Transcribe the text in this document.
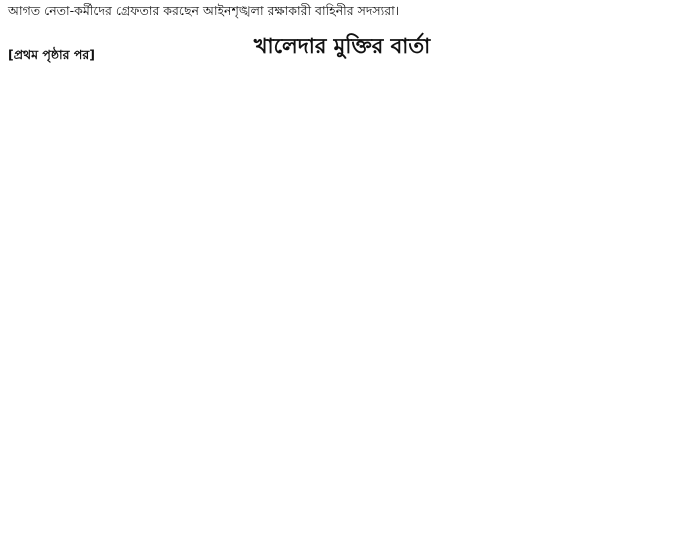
আগত নেতা-কর্মীদের গ্রেফতার করছেন আইনশৃঙ্খলা রক্ষাকারী বাহিনীর সদস্যরা।
খালেদার মুক্তির বার্তা

[প্রথম পৃষ্ঠার পর]
